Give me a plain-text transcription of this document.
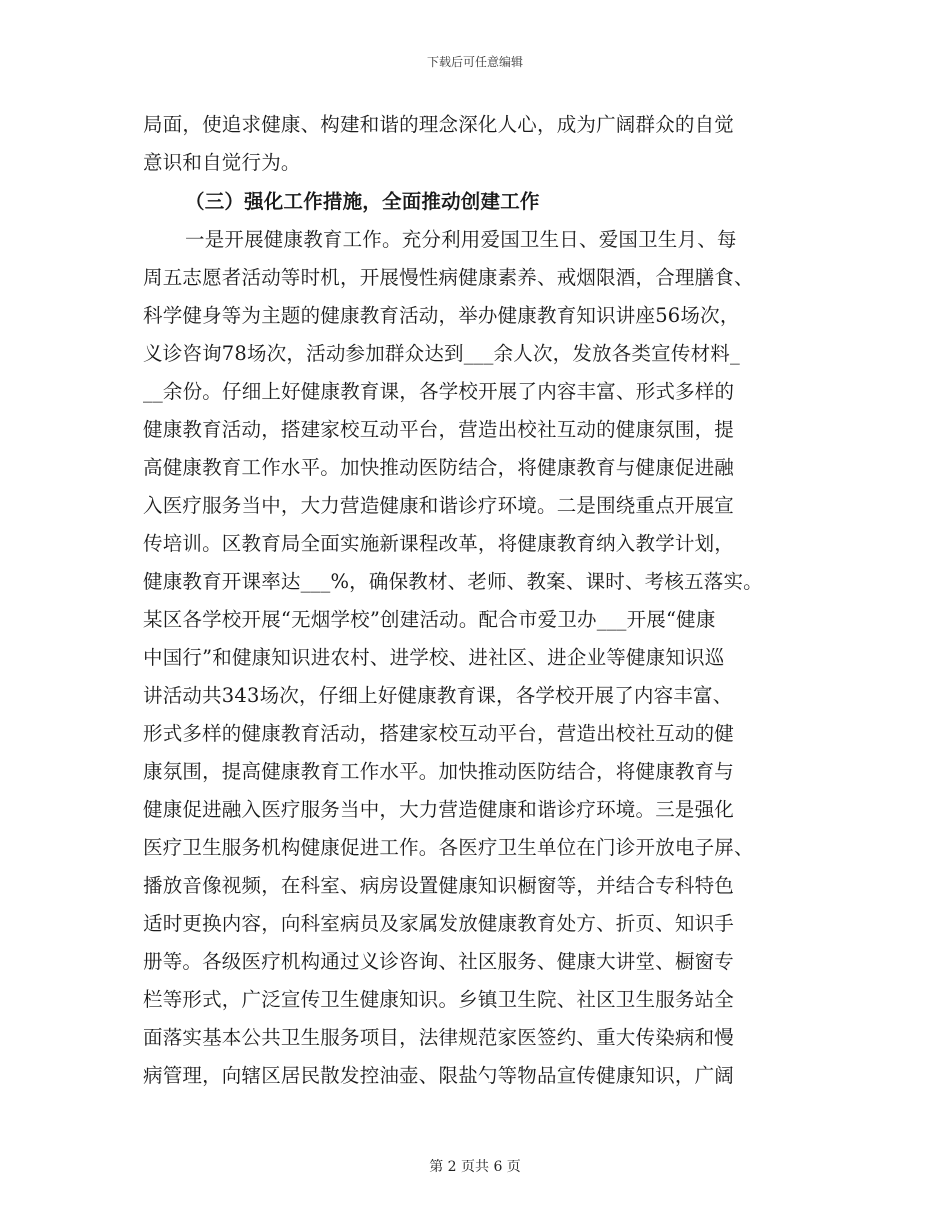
下载后可任意编辑
局面，使追求健康、构建和谐的理念深化人心，成为广阔群众的自觉
意识和自觉行为。
（三）强化工作措施，全面推动创建工作
一是开展健康教育工作。充分利用爱国卫生日、爱国卫生月、每
周五志愿者活动等时机，开展慢性病健康素养、戒烟限酒，合理膳食、
科学健身等为主题的健康教育活动，举办健康教育知识讲座56场次，
义诊咨询78场次，活动参加群众达到___余人次，发放各类宣传材料_
__余份。仔细上好健康教育课，各学校开展了内容丰富、形式多样的
健康教育活动，搭建家校互动平台，营造出校社互动的健康氛围，提
高健康教育工作水平。加快推动医防结合，将健康教育与健康促进融
入医疗服务当中，大力营造健康和谐诊疗环境。二是围绕重点开展宣
传培训。区教育局全面实施新课程改革，将健康教育纳入教学计划，
健康教育开课率达___%，确保教材、老师、教案、课时、考核五落实。
某区各学校开展“无烟学校”创建活动。配合市爱卫办___开展“健康
中国行”和健康知识进农村、进学校、进社区、进企业等健康知识巡
讲活动共343场次，仔细上好健康教育课，各学校开展了内容丰富、
形式多样的健康教育活动，搭建家校互动平台，营造出校社互动的健
康氛围，提高健康教育工作水平。加快推动医防结合，将健康教育与
健康促进融入医疗服务当中，大力营造健康和谐诊疗环境。三是强化
医疗卫生服务机构健康促进工作。各医疗卫生单位在门诊开放电子屏、
播放音像视频，在科室、病房设置健康知识橱窗等，并结合专科特色
适时更换内容，向科室病员及家属发放健康教育处方、折页、知识手
册等。各级医疗机构通过义诊咨询、社区服务、健康大讲堂、橱窗专
栏等形式，广泛宣传卫生健康知识。乡镇卫生院、社区卫生服务站全
面落实基本公共卫生服务项目，法律规范家医签约、重大传染病和慢
病管理，向辖区居民散发控油壶、限盐勺等物品宣传健康知识，广阔
第 2 页共 6 页
